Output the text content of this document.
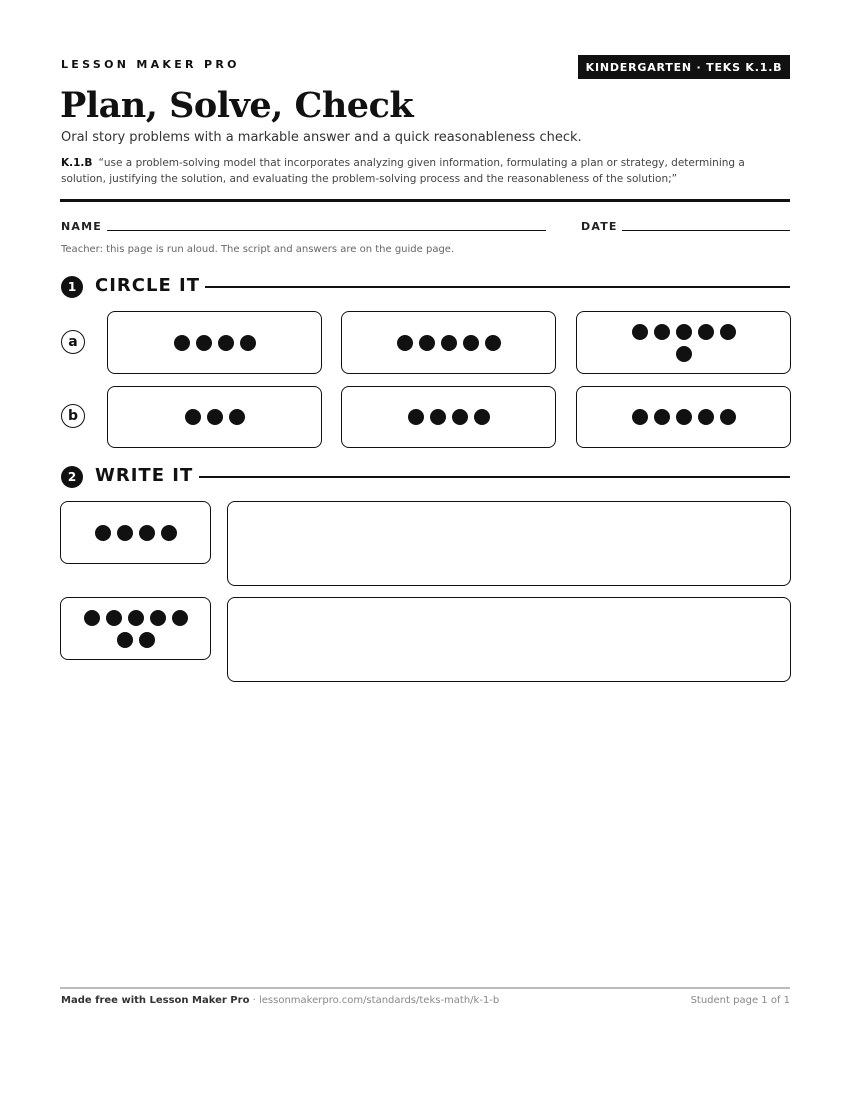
LESSON MAKER PRO	KINDERGARTEN · TEKS K.1.B
Plan, Solve, Check
Oral story problems with a markable answer and a quick reasonableness check.
K.1.B “use a problem-solving model that incorporates analyzing given information, formulating a plan or strategy, determining a solution, justifying the solution, and evaluating the problem-solving process and the reasonableness of the solution;”
NAME	DATE
Teacher: this page is run aloud. The script and answers are on the guide page.
1	CIRCLE IT
a
b
2	WRITE IT
Made free with Lesson Maker Pro · lessonmakerpro.com/standards/teks-math/k-1-b	Student page 1 of 1
